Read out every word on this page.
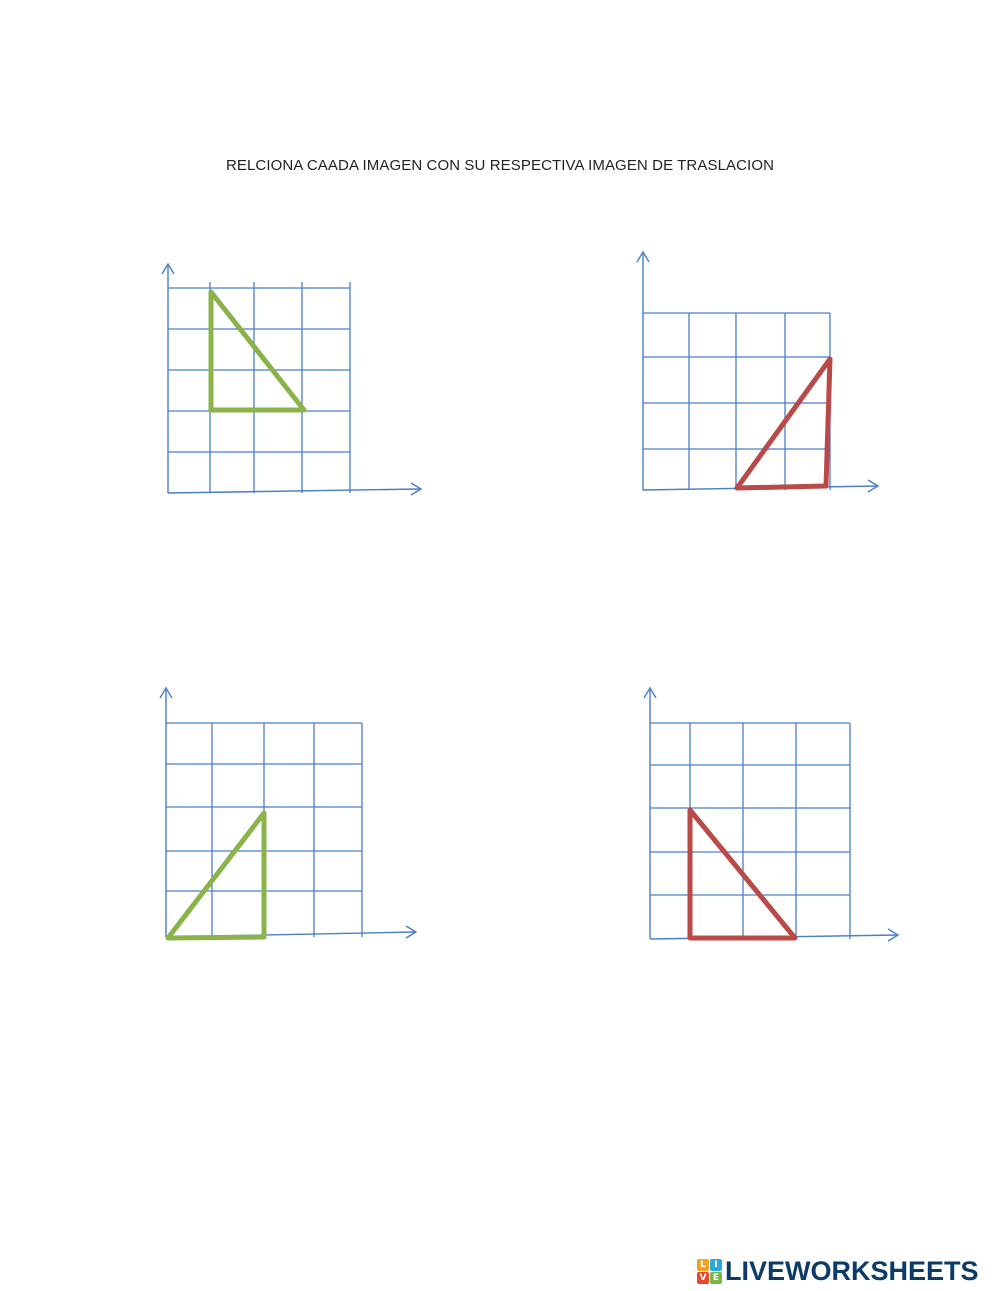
RELCIONA CAADA IMAGEN CON SU RESPECTIVA IMAGEN DE TRASLACION
L I
V E LIVEWORKSHEETS
